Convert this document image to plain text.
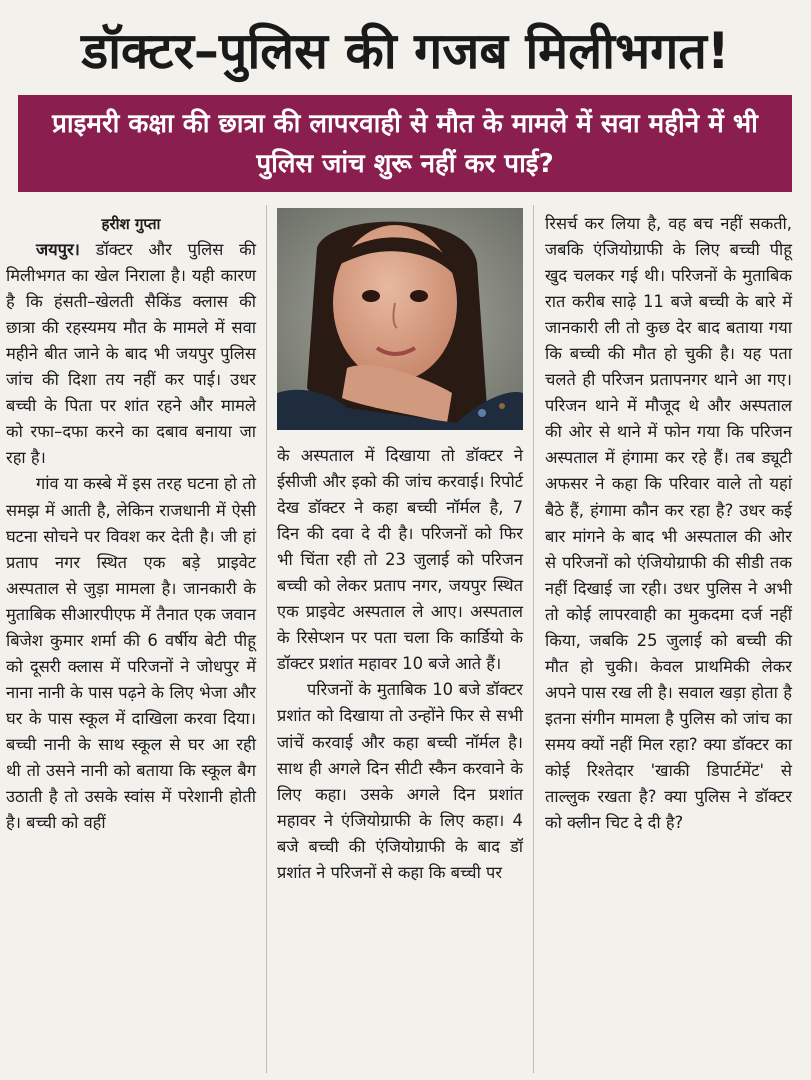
डॉक्टर–पुलिस की गजब मिलीभगत!
प्राइमरी कक्षा की छात्रा की लापरवाही से मौत के मामले में सवा महीने में भी पुलिस जांच शुरू नहीं कर पाई?

हरीश गुप्ता

जयपुर। डॉक्टर और पुलिस की मिलीभगत का खेल निराला है। यही कारण है कि हंसती–खेलती सैकिंड क्लास की छात्रा की रहस्यमय मौत के मामले में सवा महीने बीत जाने के बाद भी जयपुर पुलिस जांच की दिशा तय नहीं कर पाई। उधर बच्ची के पिता पर शांत रहने और मामले को रफा–दफा करने का दबाव बनाया जा रहा है।

गांव या कस्बे में इस तरह घटना हो तो समझ में आती है, लेकिन राजधानी में ऐसी घटना सोचने पर विवश कर देती है। जी हां प्रताप नगर स्थित एक बड़े प्राइवेट अस्पताल से जुड़ा मामला है। जानकारी के मुताबिक सीआरपीएफ में तैनात एक जवान बिजेश कुमार शर्मा की 6 वर्षीय बेटी पीहू को दूसरी क्लास में परिजनों ने जोधपुर में नाना नानी के पास पढ़ने के लिए भेजा और घर के पास स्कूल में दाखिला करवा दिया। बच्ची नानी के साथ स्कूल से घर आ रही थी तो उसने नानी को बताया कि स्कूल बैग उठाती है तो उसके स्वांस में परेशानी होती है। बच्ची को वहीं

के अस्पताल में दिखाया तो डॉक्टर ने ईसीजी और इको की जांच करवाई। रिपोर्ट देख डॉक्टर ने कहा बच्ची नॉर्मल है, 7 दिन की दवा दे दी है। परिजनों को फिर भी चिंता रही तो 23 जुलाई को परिजन बच्ची को लेकर प्रताप नगर, जयपुर स्थित एक प्राइवेट अस्पताल ले आए। अस्पताल के रिसेप्शन पर पता चला कि कार्डियो के डॉक्टर प्रशांत महावर 10 बजे आते हैं।

परिजनों के मुताबिक 10 बजे डॉक्टर प्रशांत को दिखाया तो उन्होंने फिर से सभी जांचें करवाई और कहा बच्ची नॉर्मल है। साथ ही अगले दिन सीटी स्कैन करवाने के लिए कहा। उसके अगले दिन प्रशांत महावर ने एंजियोग्राफी के लिए कहा। 4 बजे बच्ची की एंजियोग्राफी के बाद डॉ प्रशांत ने परिजनों से कहा कि बच्ची पर

रिसर्च कर लिया है, वह बच नहीं सकती, जबकि एंजियोग्राफी के लिए बच्ची पीहू खुद चलकर गई थी। परिजनों के मुताबिक रात करीब साढ़े 11 बजे बच्ची के बारे में जानकारी ली तो कुछ देर बाद बताया गया कि बच्ची की मौत हो चुकी है। यह पता चलते ही परिजन प्रतापनगर थाने आ गए। परिजन थाने में मौजूद थे और अस्पताल की ओर से थाने में फोन गया कि परिजन अस्पताल में हंगामा कर रहे हैं। तब ड्यूटी अफसर ने कहा कि परिवार वाले तो यहां बैठे हैं, हंगामा कौन कर रहा है? उधर कई बार मांगने के बाद भी अस्पताल की ओर से परिजनों को एंजियोग्राफी की सीडी तक नहीं दिखाई जा रही। उधर पुलिस ने अभी तो कोई लापरवाही का मुकदमा दर्ज नहीं किया, जबकि 25 जुलाई को बच्ची की मौत हो चुकी। केवल प्राथमिकी लेकर अपने पास रख ली है। सवाल खड़ा होता है इतना संगीन मामला है पुलिस को जांच का समय क्यों नहीं मिल रहा? क्या डॉक्टर का कोई रिश्तेदार 'खाकी डिपार्टमेंट' से ताल्लुक रखता है? क्या पुलिस ने डॉक्टर को क्लीन चिट दे दी है?
